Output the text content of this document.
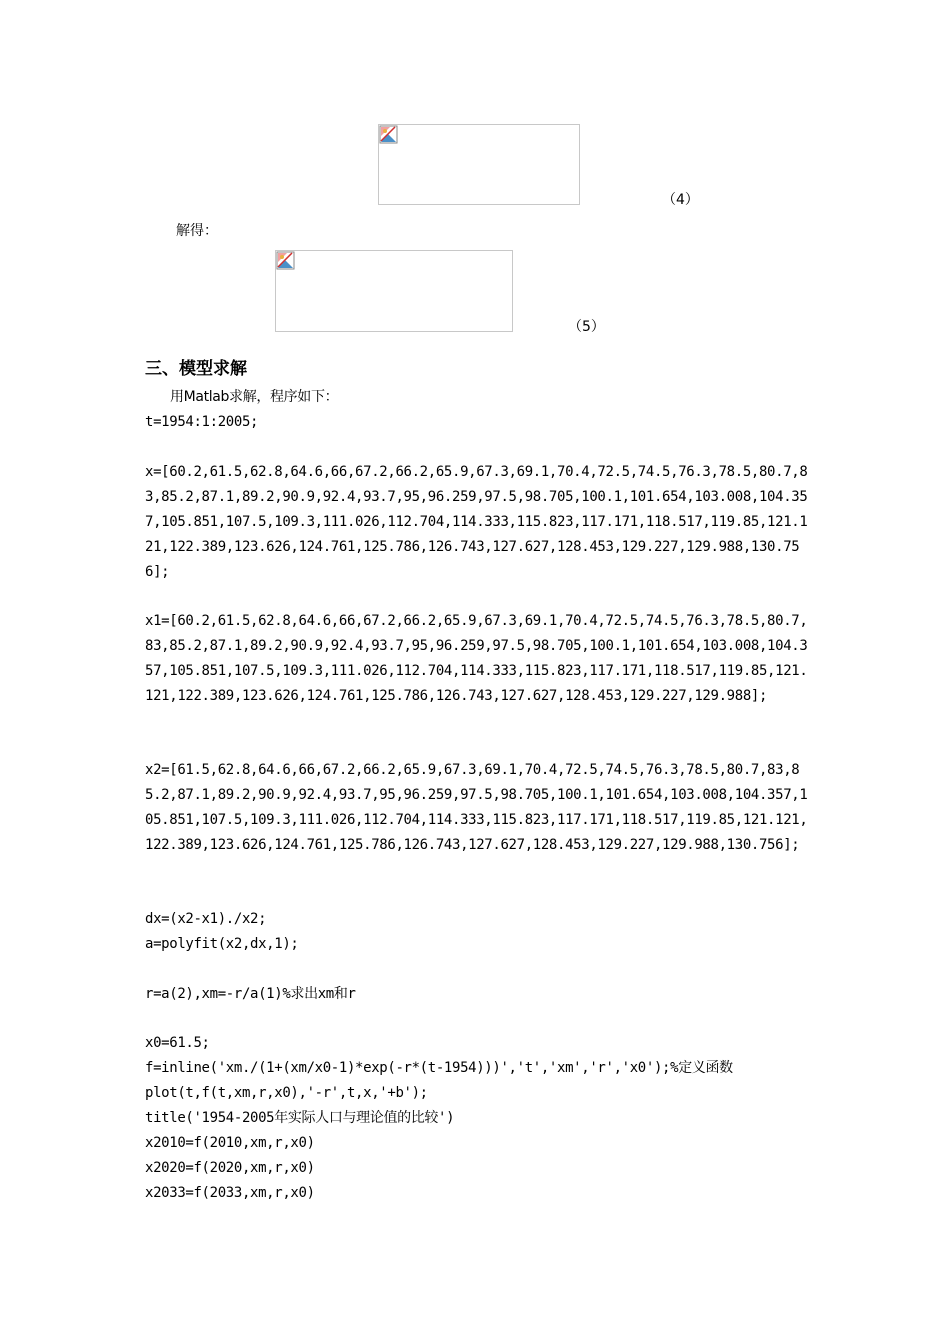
（4）
解得：
（5）
三、模型求解
用Matlab求解，程序如下：
t=1954:1:2005;
x=[60.2,61.5,62.8,64.6,66,67.2,66.2,65.9,67.3,69.1,70.4,72.5,74.5,76.3,78.5,80.7,83,85.2,87.1,89.2,90.9,92.4,93.7,95,96.259,97.5,98.705,100.1,101.654,103.008,104.357,105.851,107.5,109.3,111.026,112.704,114.333,115.823,117.171,118.517,119.85,121.121,122.389,123.626,124.761,125.786,126.743,127.627,128.453,129.227,129.988,130.756];
x1=[60.2,61.5,62.8,64.6,66,67.2,66.2,65.9,67.3,69.1,70.4,72.5,74.5,76.3,78.5,80.7,83,85.2,87.1,89.2,90.9,92.4,93.7,95,96.259,97.5,98.705,100.1,101.654,103.008,104.357,105.851,107.5,109.3,111.026,112.704,114.333,115.823,117.171,118.517,119.85,121.121,122.389,123.626,124.761,125.786,126.743,127.627,128.453,129.227,129.988];
x2=[61.5,62.8,64.6,66,67.2,66.2,65.9,67.3,69.1,70.4,72.5,74.5,76.3,78.5,80.7,83,85.2,87.1,89.2,90.9,92.4,93.7,95,96.259,97.5,98.705,100.1,101.654,103.008,104.357,105.851,107.5,109.3,111.026,112.704,114.333,115.823,117.171,118.517,119.85,121.121,122.389,123.626,124.761,125.786,126.743,127.627,128.453,129.227,129.988,130.756];
dx=(x2-x1)./x2;
a=polyfit(x2,dx,1);
r=a(2),xm=-r/a(1)%求出xm和r
x0=61.5;
f=inline('xm./(1+(xm/x0-1)*exp(-r*(t-1954)))','t','xm','r','x0');%定义函数
plot(t,f(t,xm,r,x0),'-r',t,x,'+b');
title('1954-2005年实际人口与理论值的比较')
x2010=f(2010,xm,r,x0)
x2020=f(2020,xm,r,x0)
x2033=f(2033,xm,r,x0)
